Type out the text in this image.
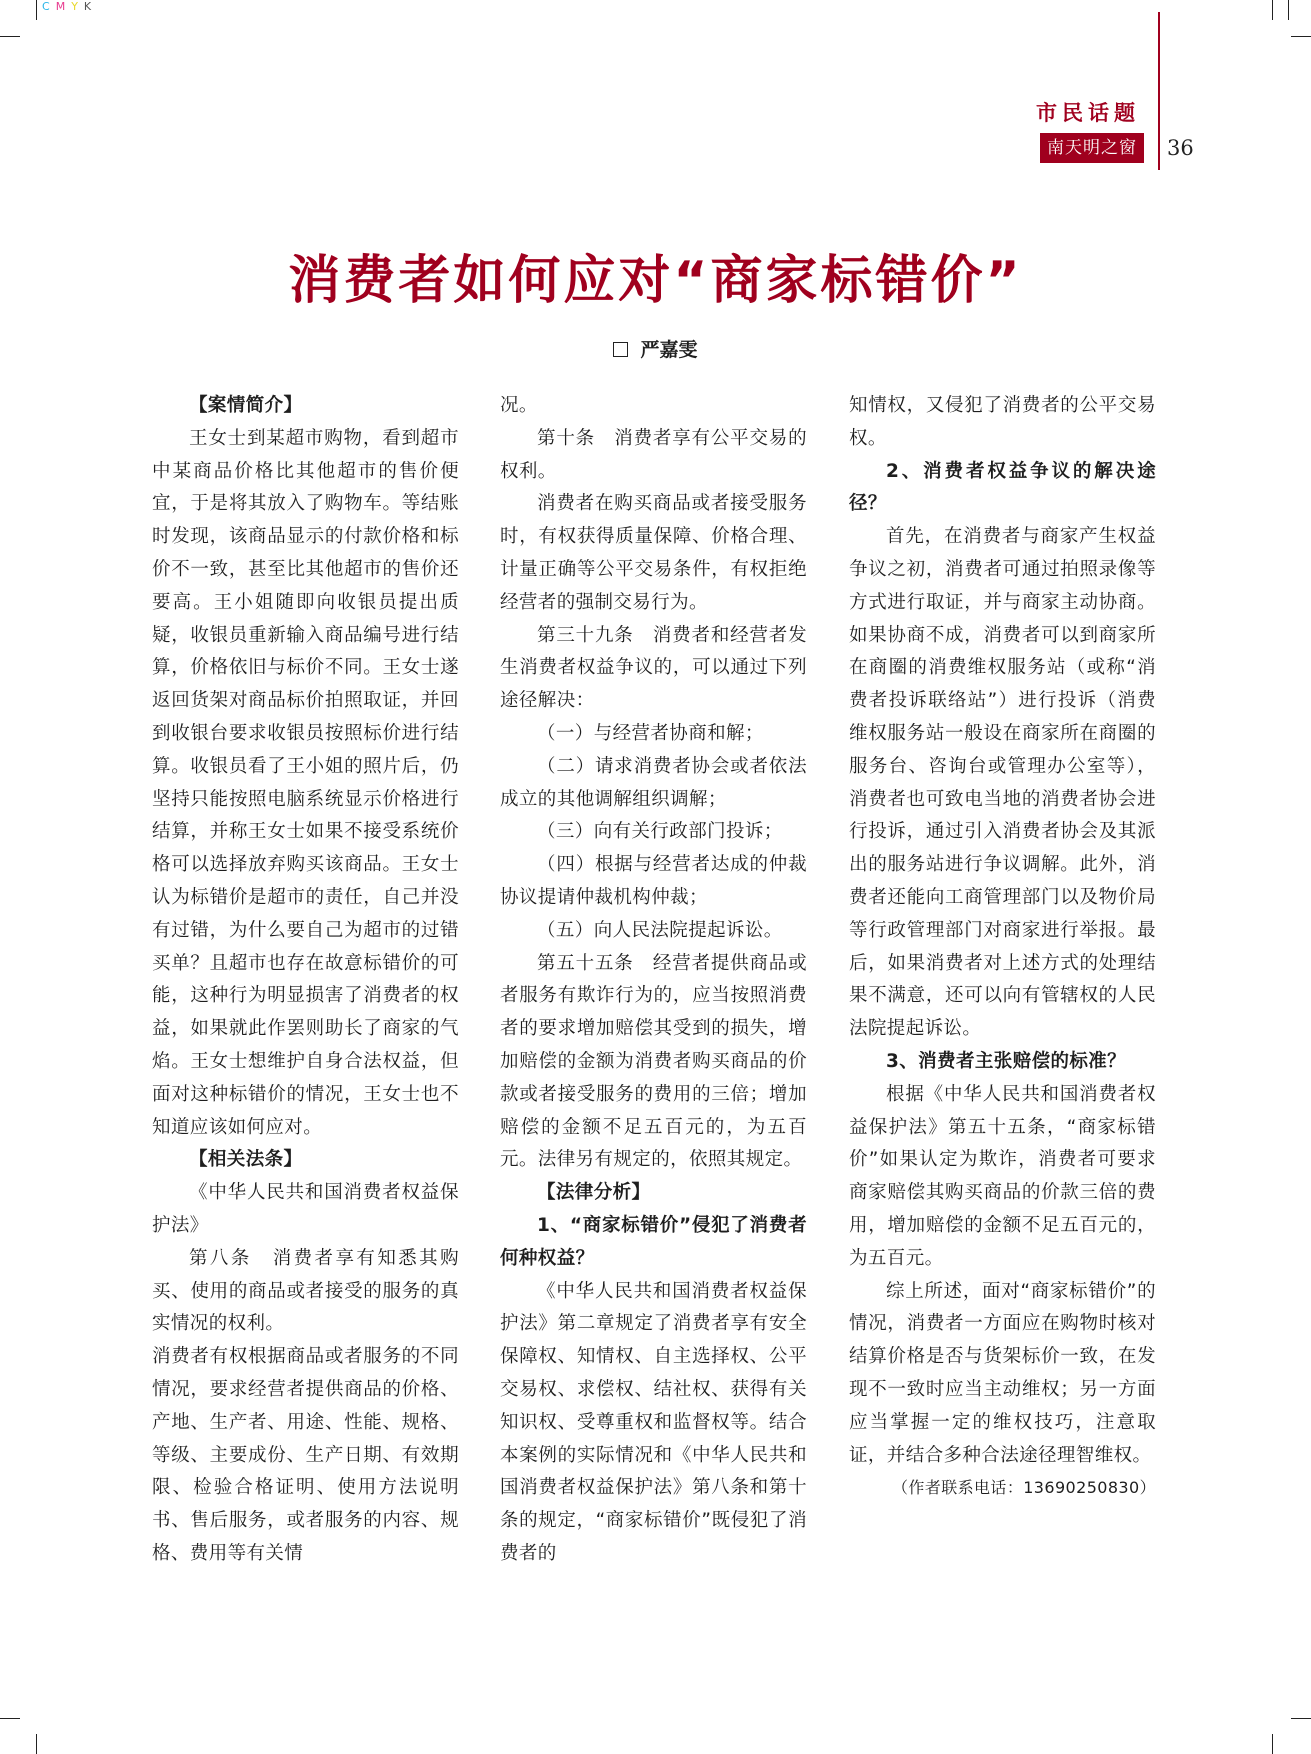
CMYK
市民话题
南天明之窗	36
消费者如何应对“商家标错价”
严嘉雯

【案情简介】

王女士到某超市购物，看到超市中某商品价格比其他超市的售价便宜，于是将其放入了购物车。等结账时发现，该商品显示的付款价格和标价不一致，甚至比其他超市的售价还要高。王小姐随即向收银员提出质疑，收银员重新输入商品编号进行结算，价格依旧与标价不同。王女士遂返回货架对商品标价拍照取证，并回到收银台要求收银员按照标价进行结算。收银员看了王小姐的照片后，仍坚持只能按照电脑系统显示价格进行结算，并称王女士如果不接受系统价格可以选择放弃购买该商品。王女士认为标错价是超市的责任，自己并没有过错，为什么要自己为超市的过错买单？且超市也存在故意标错价的可能，这种行为明显损害了消费者的权益，如果就此作罢则助长了商家的气焰。王女士想维护自身合法权益，但面对这种标错价的情况，王女士也不知道应该如何应对。

【相关法条】

《中华人民共和国消费者权益保护法》

第八条　消费者享有知悉其购买、使用的商品或者接受的服务的真实情况的权利。

消费者有权根据商品或者服务的不同情况，要求经营者提供商品的价格、产地、生产者、用途、性能、规格、等级、主要成份、生产日期、有效期限、检验合格证明、使用方法说明书、售后服务，或者服务的内容、规格、费用等有关情

况。

第十条　消费者享有公平交易的权利。

消费者在购买商品或者接受服务时，有权获得质量保障、价格合理、计量正确等公平交易条件，有权拒绝经营者的强制交易行为。

第三十九条　消费者和经营者发生消费者权益争议的，可以通过下列途径解决：

（一）与经营者协商和解；

（二）请求消费者协会或者依法成立的其他调解组织调解；

（三）向有关行政部门投诉；

（四）根据与经营者达成的仲裁协议提请仲裁机构仲裁；

（五）向人民法院提起诉讼。

第五十五条　经营者提供商品或者服务有欺诈行为的，应当按照消费者的要求增加赔偿其受到的损失，增加赔偿的金额为消费者购买商品的价款或者接受服务的费用的三倍；增加赔偿的金额不足五百元的，为五百元。法律另有规定的，依照其规定。

【法律分析】

1、“商家标错价”侵犯了消费者何种权益？

《中华人民共和国消费者权益保护法》第二章规定了消费者享有安全保障权、知情权、自主选择权、公平交易权、求偿权、结社权、获得有关知识权、受尊重权和监督权等。结合本案例的实际情况和《中华人民共和国消费者权益保护法》第八条和第十条的规定，“商家标错价”既侵犯了消费者的

知情权，又侵犯了消费者的公平交易权。

2、消费者权益争议的解决途径？

首先，在消费者与商家产生权益争议之初，消费者可通过拍照录像等方式进行取证，并与商家主动协商。如果协商不成，消费者可以到商家所在商圈的消费维权服务站（或称“消费者投诉联络站”）进行投诉（消费维权服务站一般设在商家所在商圈的服务台、咨询台或管理办公室等），消费者也可致电当地的消费者协会进行投诉，通过引入消费者协会及其派出的服务站进行争议调解。此外，消费者还能向工商管理部门以及物价局等行政管理部门对商家进行举报。最后，如果消费者对上述方式的处理结果不满意，还可以向有管辖权的人民法院提起诉讼。

3、消费者主张赔偿的标准？

根据《中华人民共和国消费者权益保护法》第五十五条，“商家标错价”如果认定为欺诈，消费者可要求商家赔偿其购买商品的价款三倍的费用，增加赔偿的金额不足五百元的，为五百元。

综上所述，面对“商家标错价”的情况，消费者一方面应在购物时核对结算价格是否与货架标价一致，在发现不一致时应当主动维权；另一方面应当掌握一定的维权技巧，注意取证，并结合多种合法途径理智维权。

（作者联系电话：13690250830）
